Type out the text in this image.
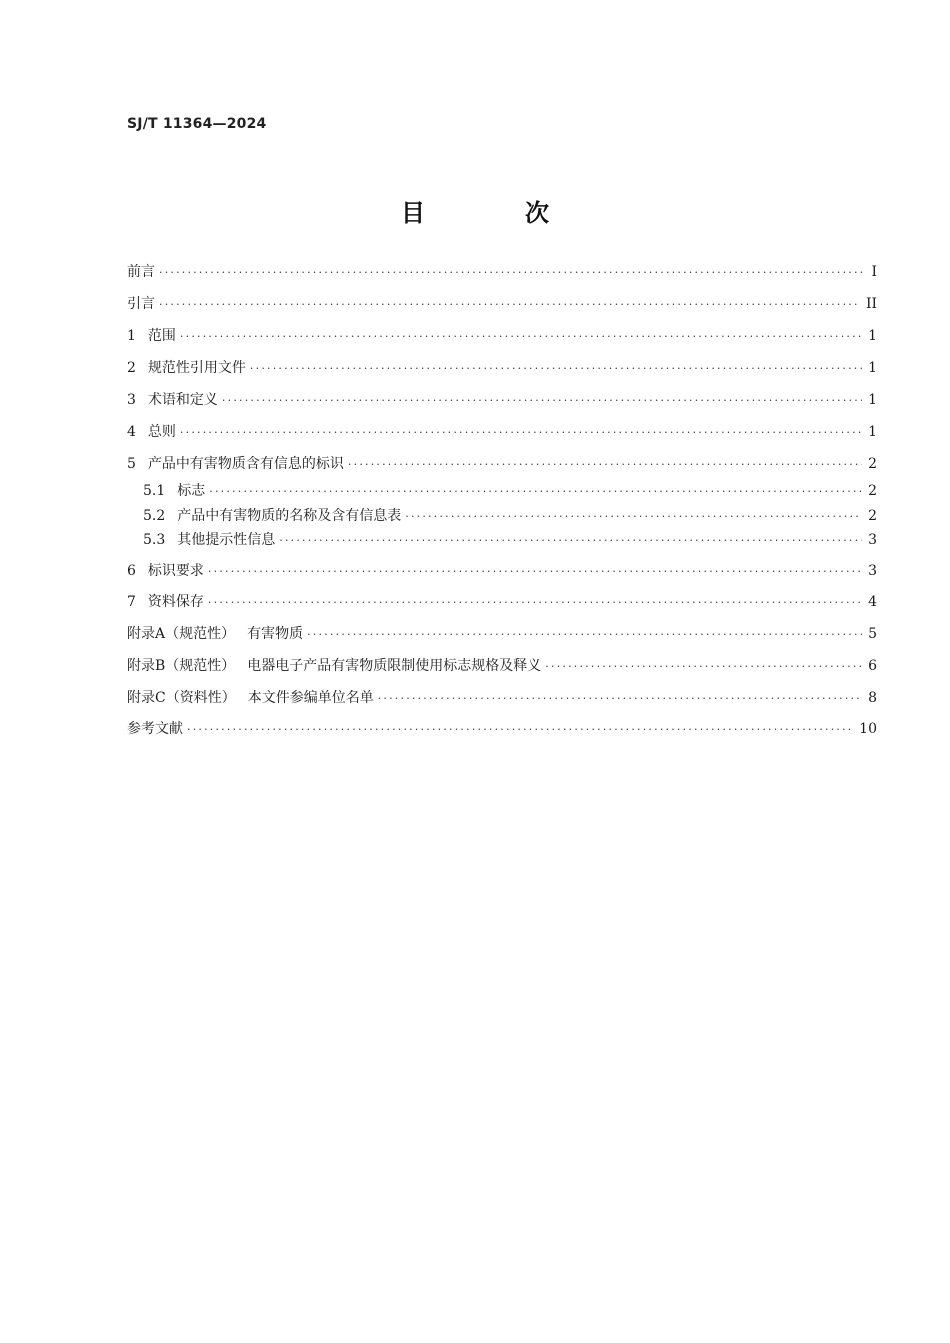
SJ/T 11364—2024
目　次
前言 ·····	I
引言 ·····	II
1 范围 ·····	1
2 规范性引用文件 ·····	1
3 术语和定义 ·····	1
4 总则 ·····	1
5 产品中有害物质含有信息的标识 ·····	2
5.1 标志 ·····	2
5.2 产品中有害物质的名称及含有信息表 ·····	2
5.3 其他提示性信息 ·····	3
6 标识要求 ·····	3
7 资料保存 ·····	4
附录A（规范性） 有害物质 ·····	5
附录B（规范性） 电器电子产品有害物质限制使用标志规格及释义 ·····	6
附录C（资料性） 本文件参编单位名单 ·····	8
参考文献 ·····	10
